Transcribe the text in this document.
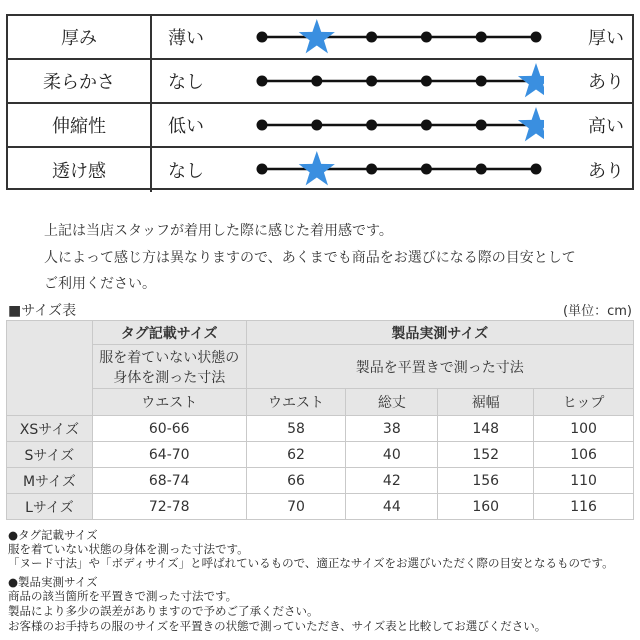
厚み	薄い	厚い
柔らかさ	なし	あり
伸縮性	低い	高い
透け感	なし	あり
上記は当店スタッフが着用した際に感じた着用感です。
人によって感じ方は異なりますので、あくまでも商品をお選びになる際の目安として
ご利用ください。
■サイズ表	(単位：cm)
	タグ記載サイズ	製品実測サイズ			

	服を着ていない状態の
身体を測った寸法	製品を平置きで測った寸法			
	ウエスト	ウエスト	総丈	裾幅	ヒップ
XSサイズ	60-66	58	38	148	100
Sサイズ	64-70	62	40	152	106
Mサイズ	68-74	66	42	156	110
Lサイズ	72-78	70	44	160	116
●タグ記載サイズ
服を着ていない状態の身体を測った寸法です。
「ヌード寸法」や「ボディサイズ」と呼ばれているもので、適正なサイズをお選びいただく際の目安となるものです。
●製品実測サイズ
商品の該当箇所を平置きで測った寸法です。
製品により多少の誤差がありますので予めご了承ください。
お客様のお手持ちの服のサイズを平置きの状態で測っていただき、サイズ表と比較してお選びください。
